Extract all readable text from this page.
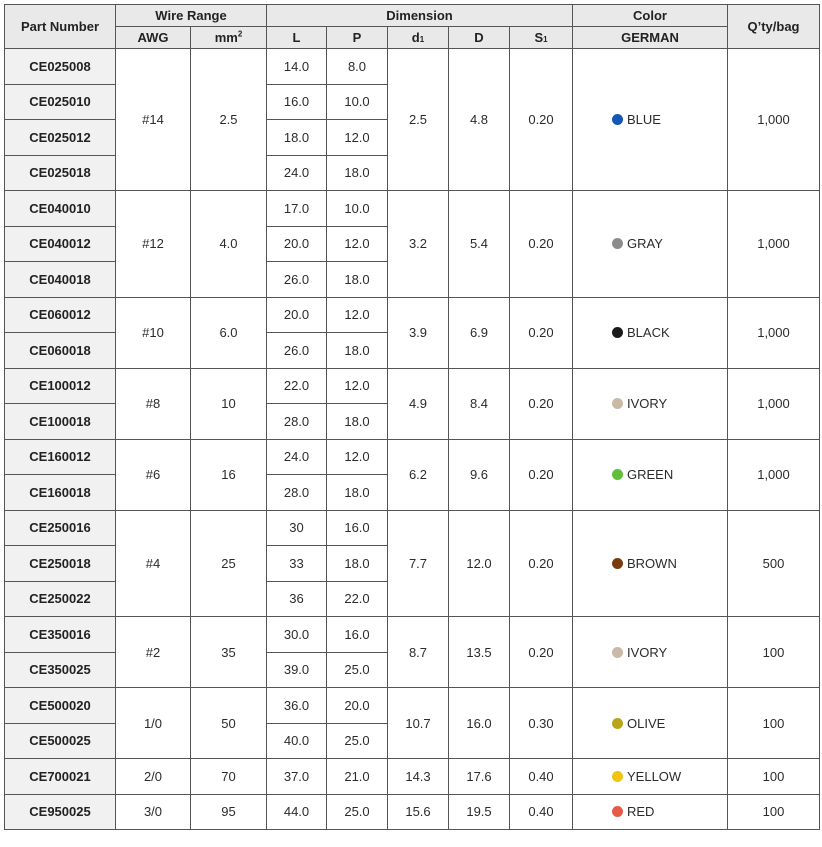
Part Number	Wire Range		Dimension					Color	Q’ty/bag
	AWG	$mm^2$	L	P	d1	D	S1	GERMAN	
CE025008	#14	2.5	14.0	8.0	2.5	4.8	0.20	BLUE	1,000
CE025010			16.0	10.0					
CE025012			18.0	12.0					
CE025018			24.0	18.0					
CE040010	#12	4.0	17.0	10.0	3.2	5.4	0.20	GRAY	1,000
CE040012			20.0	12.0					
CE040018			26.0	18.0					
CE060012	#10	6.0	20.0	12.0	3.9	6.9	0.20	BLACK	1,000
CE060018			26.0	18.0					
CE100012	#8	10	22.0	12.0	4.9	8.4	0.20	IVORY	1,000
CE100018			28.0	18.0					
CE160012	#6	16	24.0	12.0	6.2	9.6	0.20	GREEN	1,000
CE160018			28.0	18.0					
CE250016	#4	25	30	16.0	7.7	12.0	0.20	BROWN	500
CE250018			33	18.0					
CE250022			36	22.0					
CE350016	#2	35	30.0	16.0	8.7	13.5	0.20	IVORY	100
CE350025			39.0	25.0					
CE500020	1/0	50	36.0	20.0	10.7	16.0	0.30	OLIVE	100
CE500025			40.0	25.0					
CE700021	2/0	70	37.0	21.0	14.3	17.6	0.40	YELLOW	100
CE950025	3/0	95	44.0	25.0	15.6	19.5	0.40	RED	100
